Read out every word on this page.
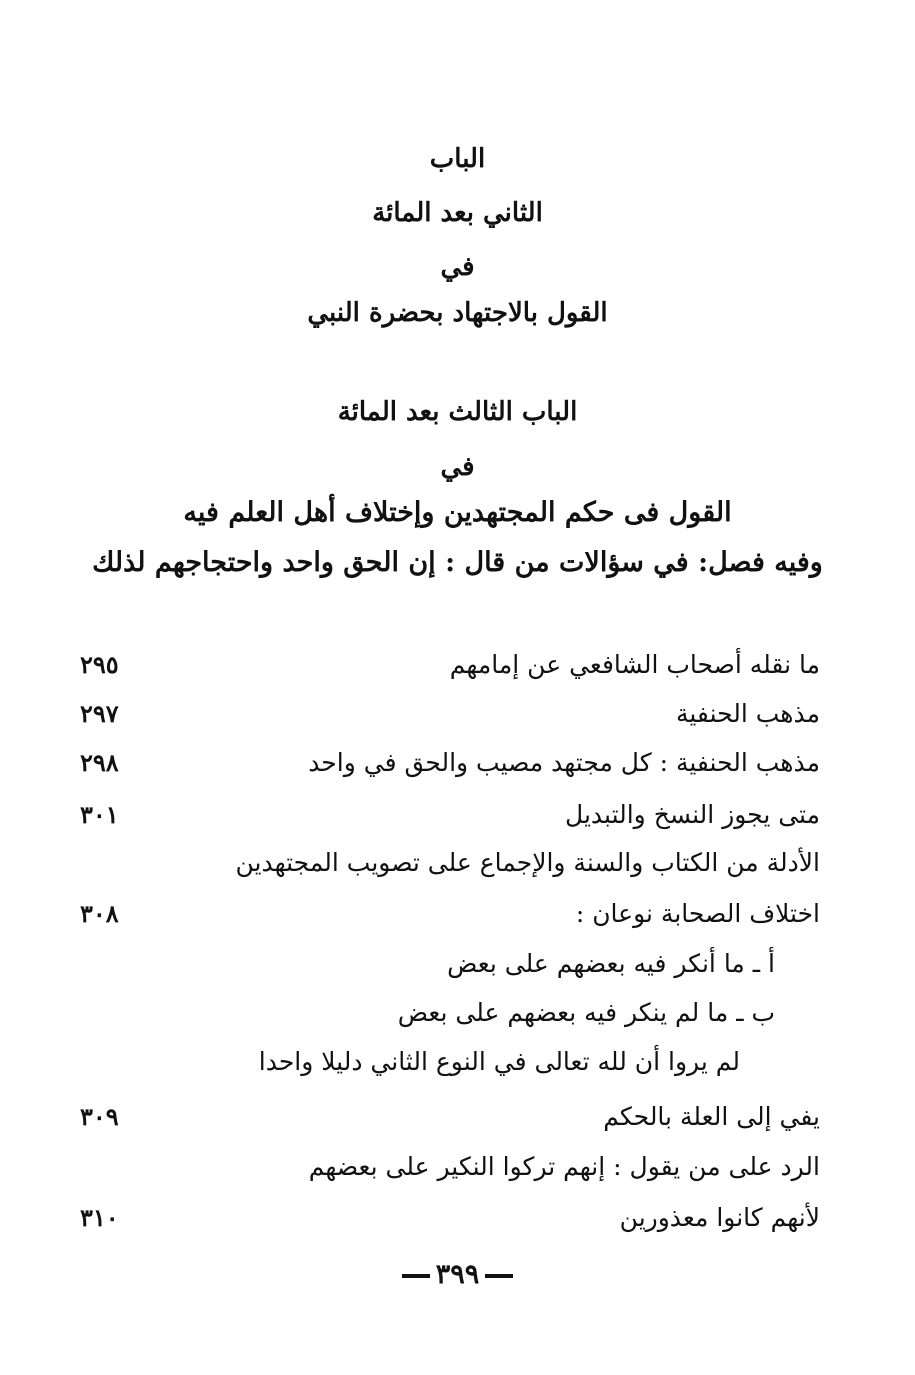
الباب
الثاني بعد المائة
في
القول بالاجتهاد بحضرة النبي
الباب الثالث بعد المائة
في
القول فى حكم المجتهدين وإختلاف أهل العلم فيه
وفيه فصل: في سؤالات من قال : إن الحق واحد واحتجاجهم لذلك
ما نقله أصحاب الشافعي عن إمامهم
٢٩٥
مذهب الحنفية
٢٩٧
مذهب الحنفية : كل مجتهد مصيب والحق في واحد
٢٩٨
متى يجوز النسخ والتبديل
٣٠١
الأدلة من الكتاب والسنة والإجماع على تصويب المجتهدين
اختلاف الصحابة نوعان :
٣٠٨
أ ـ ما أنكر فيه بعضهم على بعض
ب ـ ما لم ينكر فيه بعضهم على بعض
لم يروا أن لله تعالى في النوع الثاني دليلا واحدا
يفي إلى العلة بالحكم
٣٠٩
الرد على من يقول : إنهم تركوا النكير على بعضهم
لأنهم كانوا معذورين
٣١٠
٣٩٩
